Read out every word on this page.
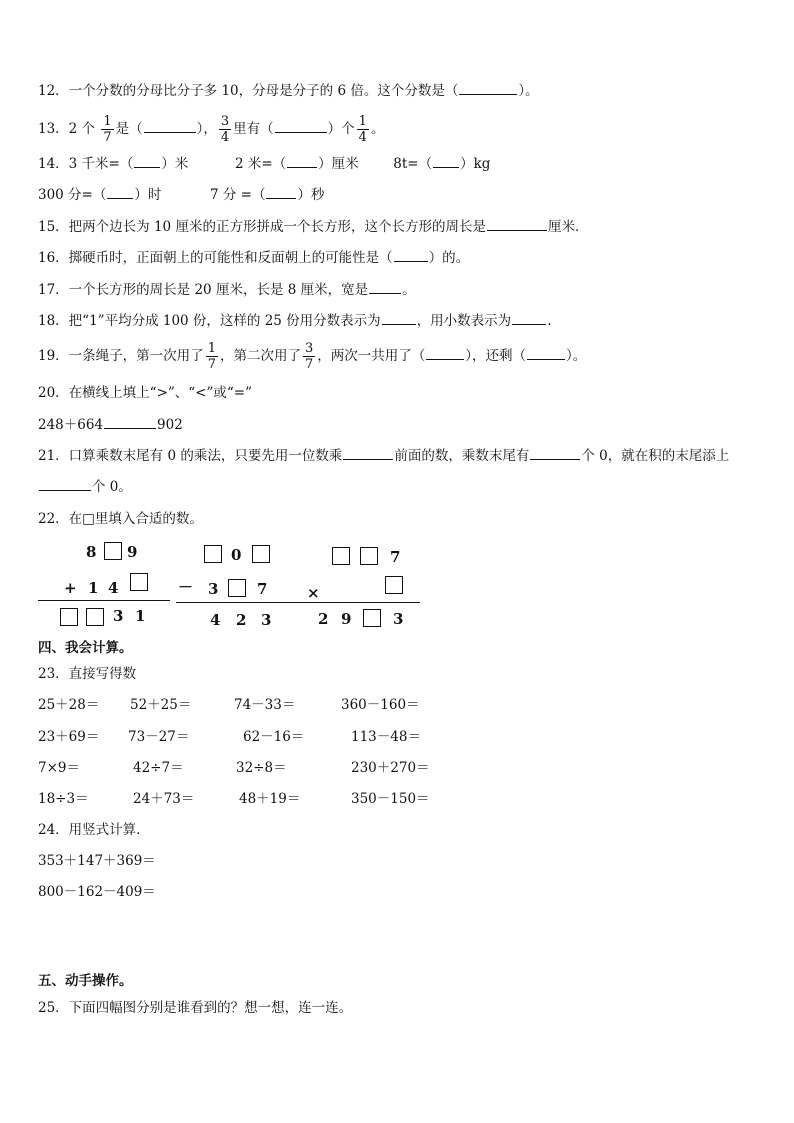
12．一个分数的分母比分子多 10，分母是分子的 6 倍。这个分数是（	）。
13．2 个 $\frac{1}{7}$ 是（	）， $\frac{3}{4}$ 里有（	）个 $\frac{1}{4}$ 。
14．3 千米=（ ）米	2 米=（ ）厘米	8t=（ ）kg
300 分=（ ）时	7 分 =（ ）秒
15．把两个边长为 10 厘米的正方形拼成一个长方形，这个长方形的周长是	厘米．
16．掷硬币时，正面朝上的可能性和反面朝上的可能性是（	）的。
17．一个长方形的周长是 20 厘米，长是 8 厘米，宽是	。
18．把“1”平均分成 100 份，这样的 25 份用分数表示为	，用小数表示为	.
19．一条绳子，第一次用了 $\frac{1}{7}$ ，第二次用了 $\frac{3}{7}$ ，两次一共用了（	），还剩（	）。
20．在横线上填上“>”、“<”或“=”
248＋664	902
21．口算乘数末尾有 0 的乘法，只要先用一位数乘	前面的数，乘数末尾有	个 0，就在积的末尾添上
个 0。
22．在□里填入合适的数。
8 9
+ 1 4
3 1
0
－ 3	7
4 2 3
7
×
2 9	3
四、我会计算。
23．直接写得数
25＋28＝ 52＋25＝	74－33＝	360－160＝
23＋69＝ 73－27＝	62－16＝	113－48＝
7×9＝	42÷7＝	32÷8＝	230＋270＝
18÷3＝	24＋73＝	48＋19＝	350－150＝
24．用竖式计算．
353＋147＋369＝
800－162－409＝
五、动手操作。
25．下面四幅图分别是谁看到的？想一想，连一连。
